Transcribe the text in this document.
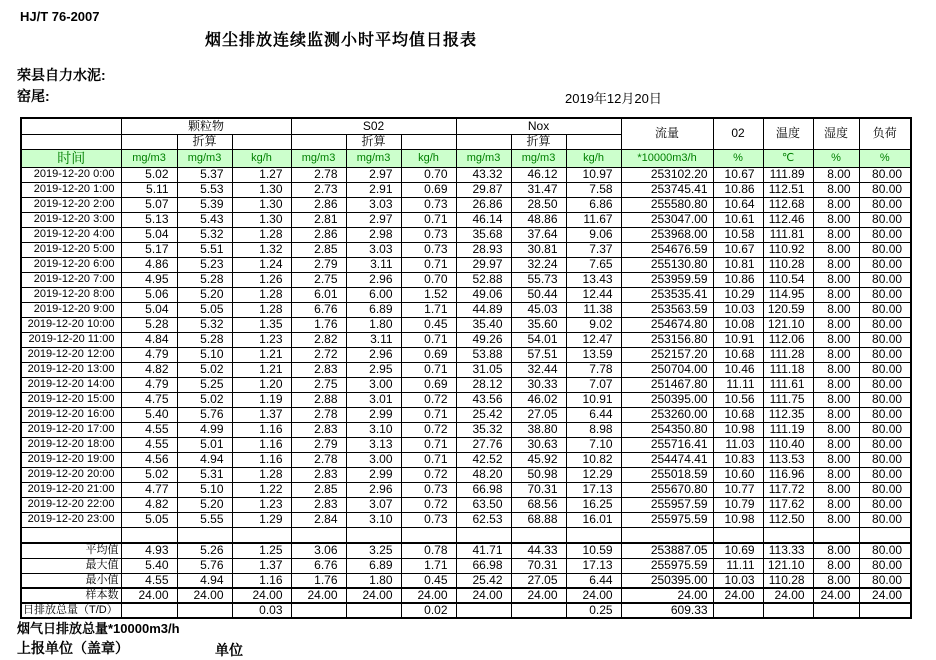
HJ/T 76-2007
烟尘排放连续监测小时平均值日报表
荣县自力水泥:
窑尾:	2019年12月20日
	颗粒物			S02			Nox			流量	02	温度	湿度	负荷
		折算			折算			折算						
时间	mg/m3	mg/m3	kg/h	mg/m3	mg/m3	kg/h	mg/m3	mg/m3	kg/h	*10000m3/h	%	℃	%	%
2019-12-20 0:00	5.02	5.37	1.27	2.78	2.97	0.70	43.32	46.12	10.97	253102.20	10.67	111.89	8.00	80.00
2019-12-20 1:00	5.11	5.53	1.30	2.73	2.91	0.69	29.87	31.47	7.58	253745.41	10.86	112.51	8.00	80.00
2019-12-20 2:00	5.07	5.39	1.30	2.86	3.03	0.73	26.86	28.50	6.86	255580.80	10.64	112.68	8.00	80.00
2019-12-20 3:00	5.13	5.43	1.30	2.81	2.97	0.71	46.14	48.86	11.67	253047.00	10.61	112.46	8.00	80.00
2019-12-20 4:00	5.04	5.32	1.28	2.86	2.98	0.73	35.68	37.64	9.06	253968.00	10.58	111.81	8.00	80.00
2019-12-20 5:00	5.17	5.51	1.32	2.85	3.03	0.73	28.93	30.81	7.37	254676.59	10.67	110.92	8.00	80.00
2019-12-20 6:00	4.86	5.23	1.24	2.79	3.11	0.71	29.97	32.24	7.65	255130.80	10.81	110.28	8.00	80.00
2019-12-20 7:00	4.95	5.28	1.26	2.75	2.96	0.70	52.88	55.73	13.43	253959.59	10.86	110.54	8.00	80.00
2019-12-20 8:00	5.06	5.20	1.28	6.01	6.00	1.52	49.06	50.44	12.44	253535.41	10.29	114.95	8.00	80.00
2019-12-20 9:00	5.04	5.05	1.28	6.76	6.89	1.71	44.89	45.03	11.38	253563.59	10.03	120.59	8.00	80.00
2019-12-20 10:00	5.28	5.32	1.35	1.76	1.80	0.45	35.40	35.60	9.02	254674.80	10.08	121.10	8.00	80.00
2019-12-20 11:00	4.84	5.28	1.23	2.82	3.11	0.71	49.26	54.01	12.47	253156.80	10.91	112.06	8.00	80.00
2019-12-20 12:00	4.79	5.10	1.21	2.72	2.96	0.69	53.88	57.51	13.59	252157.20	10.68	111.28	8.00	80.00
2019-12-20 13:00	4.82	5.02	1.21	2.83	2.95	0.71	31.05	32.44	7.78	250704.00	10.46	111.18	8.00	80.00
2019-12-20 14:00	4.79	5.25	1.20	2.75	3.00	0.69	28.12	30.33	7.07	251467.80	11.11	111.61	8.00	80.00
2019-12-20 15:00	4.75	5.02	1.19	2.88	3.01	0.72	43.56	46.02	10.91	250395.00	10.56	111.75	8.00	80.00
2019-12-20 16:00	5.40	5.76	1.37	2.78	2.99	0.71	25.42	27.05	6.44	253260.00	10.68	112.35	8.00	80.00
2019-12-20 17:00	4.55	4.99	1.16	2.83	3.10	0.72	35.32	38.80	8.98	254350.80	10.98	111.19	8.00	80.00
2019-12-20 18:00	4.55	5.01	1.16	2.79	3.13	0.71	27.76	30.63	7.10	255716.41	11.03	110.40	8.00	80.00
2019-12-20 19:00	4.56	4.94	1.16	2.78	3.00	0.71	42.52	45.92	10.82	254474.41	10.83	113.53	8.00	80.00
2019-12-20 20:00	5.02	5.31	1.28	2.83	2.99	0.72	48.20	50.98	12.29	255018.59	10.60	116.96	8.00	80.00
2019-12-20 21:00	4.77	5.10	1.22	2.85	2.96	0.73	66.98	70.31	17.13	255670.80	10.77	117.72	8.00	80.00
2019-12-20 22:00	4.82	5.20	1.23	2.83	3.07	0.72	63.50	68.56	16.25	255957.59	10.79	117.62	8.00	80.00
2019-12-20 23:00	5.05	5.55	1.29	2.84	3.10	0.73	62.53	68.88	16.01	255975.59	10.98	112.50	8.00	80.00

平均值	4.93	5.26	1.25	3.06	3.25	0.78	41.71	44.33	10.59	253887.05	10.69	113.33	8.00	80.00
最大值	5.40	5.76	1.37	6.76	6.89	1.71	66.98	70.31	17.13	255975.59	11.11	121.10	8.00	80.00
最小值	4.55	4.94	1.16	1.76	1.80	0.45	25.42	27.05	6.44	250395.00	10.03	110.28	8.00	80.00
样本数	24.00	24.00	24.00	24.00	24.00	24.00	24.00	24.00	24.00	24.00	24.00	24.00	24.00	24.00
日排放总量（T/D）			0.03			0.02			0.25	609.33				
烟气日排放总量*10000m3/h
上报单位（盖章）	单位
